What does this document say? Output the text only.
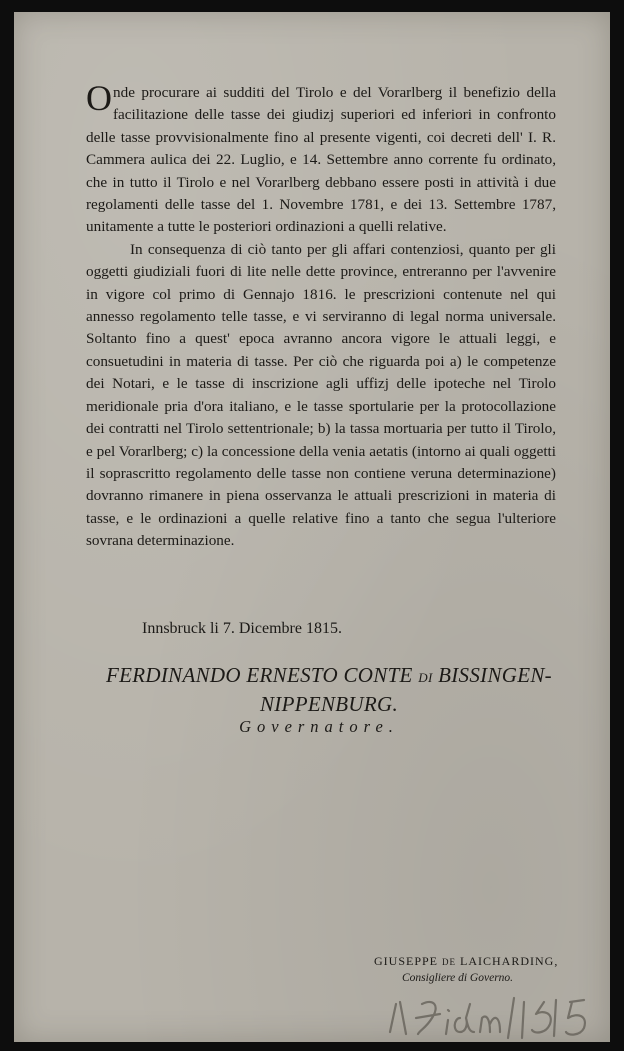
Onde procurare ai sudditi del Tirolo e del Vorarlberg il benefizio della facilitazione delle tasse dei giudizj superiori ed inferiori in confronto delle tasse provvisionalmente fino al presente vigenti, coi decreti dell' I. R. Cammera aulica dei 22. Luglio, e 14. Settembre anno corrente fu ordinato, che in tutto il Tirolo e nel Vorarlberg debbano essere posti in attività i due regolamenti delle tasse del 1. Novembre 1781, e dei 13. Settembre 1787, unitamente a tutte le posteriori ordinazioni a quelli relative.

In consequenza di ciò tanto per gli affari contenziosi, quanto per gli oggetti giudiziali fuori di lite nelle dette province, entreranno per l'avvenire in vigore col primo di Gennajo 1816. le prescrizioni contenute nel qui annesso regolamento telle tasse, e vi serviranno di legal norma universale. Soltanto fino a quest' epoca avranno ancora vigore le attuali leggi, e consuetudini in materia di tasse. Per ciò che riguarda poi a) le competenze dei Notari, e le tasse di inscrizione agli uffizj delle ipoteche nel Tirolo meridionale pria d'ora italiano, e le tasse sportularie per la protocollazione dei contratti nel Tirolo settentrionale; b) la tassa mortuaria per tutto il Tirolo, e pel Vorarlberg; c) la concessione della venia aetatis (intorno ai quali oggetti il soprascritto regolamento delle tasse non contiene veruna determinazione) dovranno rimanere in piena osservanza le attuali prescrizioni in materia di tasse, e le ordinazioni a quelle relative fino a tanto che segua l'ulteriore sovrana determinazione.

Innsbruck li 7. Dicembre 1815.
FERDINANDO ERNESTO CONTE DI BISSINGEN-
NIPPENBURG.
Governatore.
GIUSEPPE DE LAICHARDING,
Consigliere di Governo.
17 Dicem 1815
